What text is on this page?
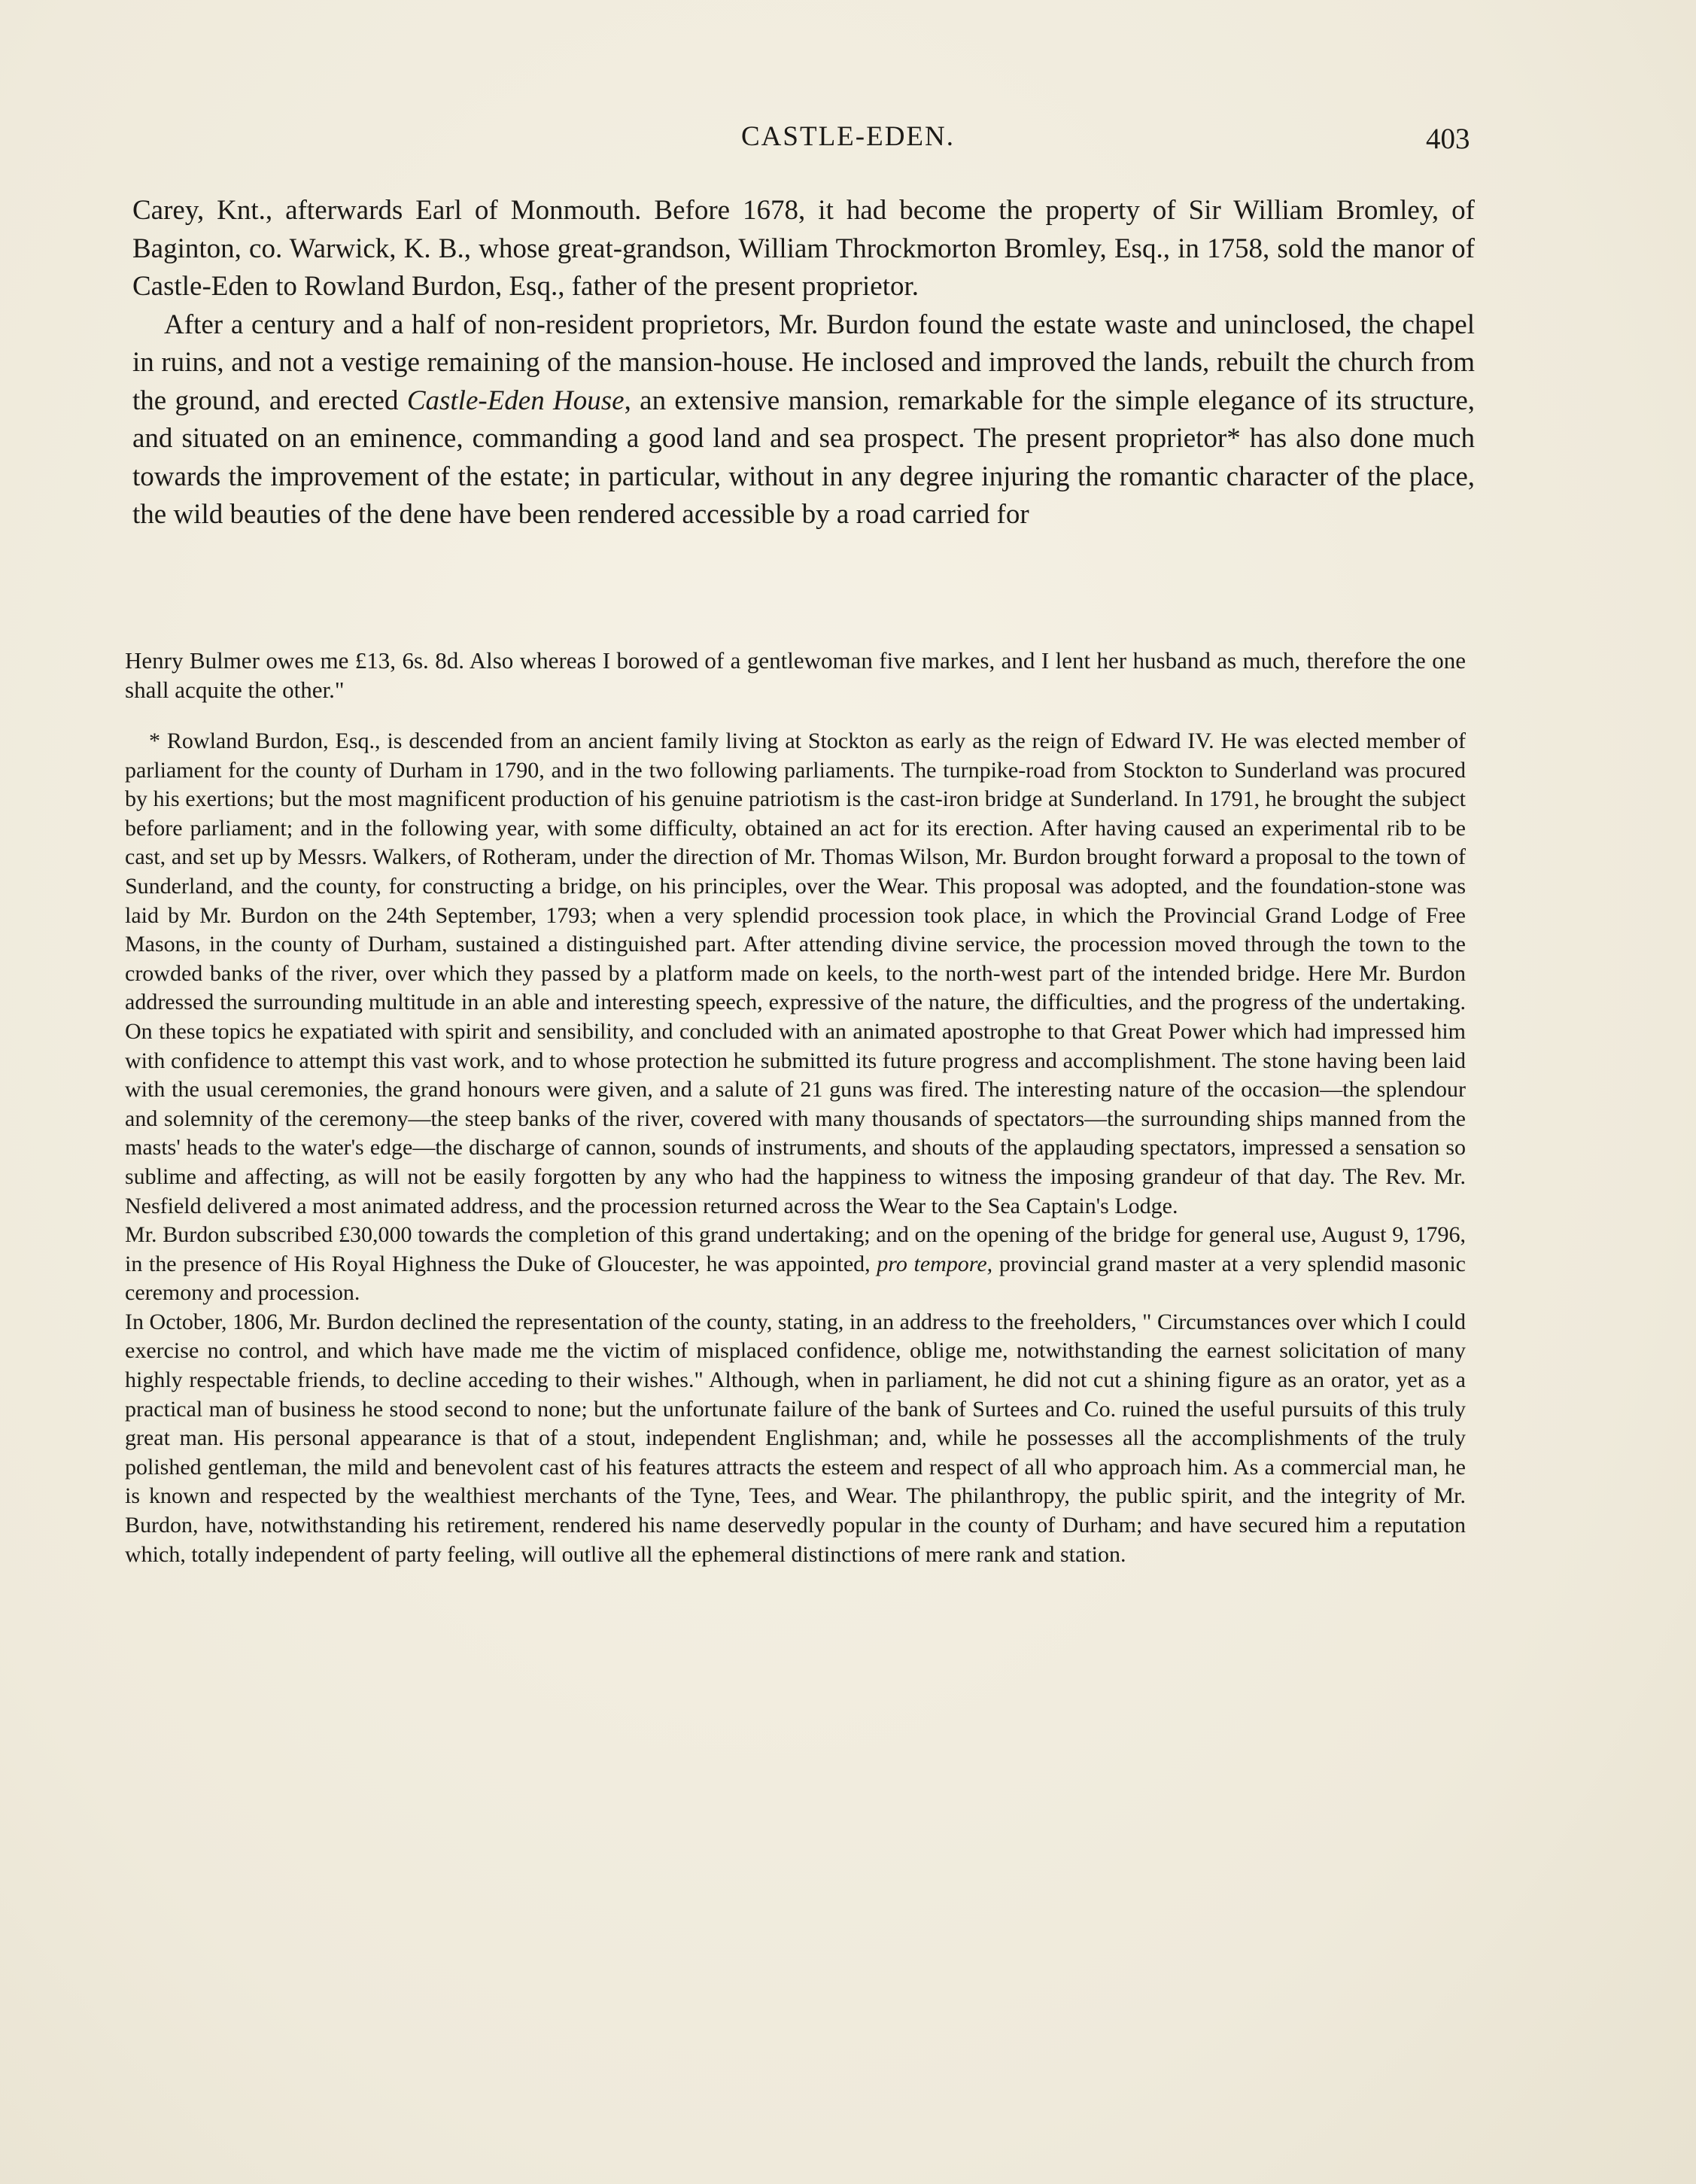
CASTLE-EDEN.	403

Carey, Knt., afterwards Earl of Monmouth. Before 1678, it had become the property of Sir William Bromley, of Baginton, co. Warwick, K. B., whose great-grandson, William Throckmorton Bromley, Esq., in 1758, sold the manor of Castle-Eden to Rowland Burdon, Esq., father of the present proprietor.

After a century and a half of non-resident proprietors, Mr. Burdon found the estate waste and uninclosed, the chapel in ruins, and not a vestige remaining of the mansion-house. He inclosed and improved the lands, rebuilt the church from the ground, and erected Castle-Eden House, an extensive mansion, remarkable for the simple elegance of its structure, and situated on an eminence, commanding a good land and sea prospect. The present proprietor* has also done much towards the improvement of the estate; in particular, without in any degree injuring the romantic character of the place, the wild beauties of the dene have been rendered accessible by a road carried for

Henry Bulmer owes me £13, 6s. 8d. Also whereas I borowed of a gentlewoman five markes, and I lent her husband as much, therefore the one shall acquite the other."

* Rowland Burdon, Esq., is descended from an ancient family living at Stockton as early as the reign of Edward IV. He was elected member of parliament for the county of Durham in 1790, and in the two following parliaments. The turnpike-road from Stockton to Sunderland was procured by his exertions; but the most magnificent production of his genuine patriotism is the cast-iron bridge at Sunderland. In 1791, he brought the subject before parliament; and in the following year, with some difficulty, obtained an act for its erection. After having caused an experimental rib to be cast, and set up by Messrs. Walkers, of Rotheram, under the direction of Mr. Thomas Wilson, Mr. Burdon brought forward a proposal to the town of Sunderland, and the county, for constructing a bridge, on his principles, over the Wear. This proposal was adopted, and the foundation-stone was laid by Mr. Burdon on the 24th September, 1793; when a very splendid procession took place, in which the Provincial Grand Lodge of Free Masons, in the county of Durham, sustained a distinguished part. After attending divine service, the procession moved through the town to the crowded banks of the river, over which they passed by a platform made on keels, to the north-west part of the intended bridge. Here Mr. Burdon addressed the surrounding multitude in an able and interesting speech, expressive of the nature, the difficulties, and the progress of the undertaking. On these topics he expatiated with spirit and sensibility, and concluded with an animated apostrophe to that Great Power which had impressed him with confidence to attempt this vast work, and to whose protection he submitted its future progress and accomplishment. The stone having been laid with the usual ceremonies, the grand honours were given, and a salute of 21 guns was fired. The interesting nature of the occasion—the splendour and solemnity of the ceremony—the steep banks of the river, covered with many thousands of spectators—the surrounding ships manned from the masts' heads to the water's edge—the discharge of cannon, sounds of instruments, and shouts of the applauding spectators, impressed a sensation so sublime and affecting, as will not be easily forgotten by any who had the happiness to witness the imposing grandeur of that day. The Rev. Mr. Nesfield delivered a most animated address, and the procession returned across the Wear to the Sea Captain's Lodge.

Mr. Burdon subscribed £30,000 towards the completion of this grand undertaking; and on the opening of the bridge for general use, August 9, 1796, in the presence of His Royal Highness the Duke of Gloucester, he was appointed, pro tempore, provincial grand master at a very splendid masonic ceremony and procession.

In October, 1806, Mr. Burdon declined the representation of the county, stating, in an address to the freeholders, " Circumstances over which I could exercise no control, and which have made me the victim of misplaced confidence, oblige me, notwithstanding the earnest solicitation of many highly respectable friends, to decline acceding to their wishes." Although, when in parliament, he did not cut a shining figure as an orator, yet as a practical man of business he stood second to none; but the unfortunate failure of the bank of Surtees and Co. ruined the useful pursuits of this truly great man. His personal appearance is that of a stout, independent Englishman; and, while he possesses all the accomplishments of the truly polished gentleman, the mild and benevolent cast of his features attracts the esteem and respect of all who approach him. As a commercial man, he is known and respected by the wealthiest merchants of the Tyne, Tees, and Wear. The philanthropy, the public spirit, and the integrity of Mr. Burdon, have, notwithstanding his retirement, rendered his name deservedly popular in the county of Durham; and have secured him a reputation which, totally independent of party feeling, will outlive all the ephemeral distinctions of mere rank and station.
